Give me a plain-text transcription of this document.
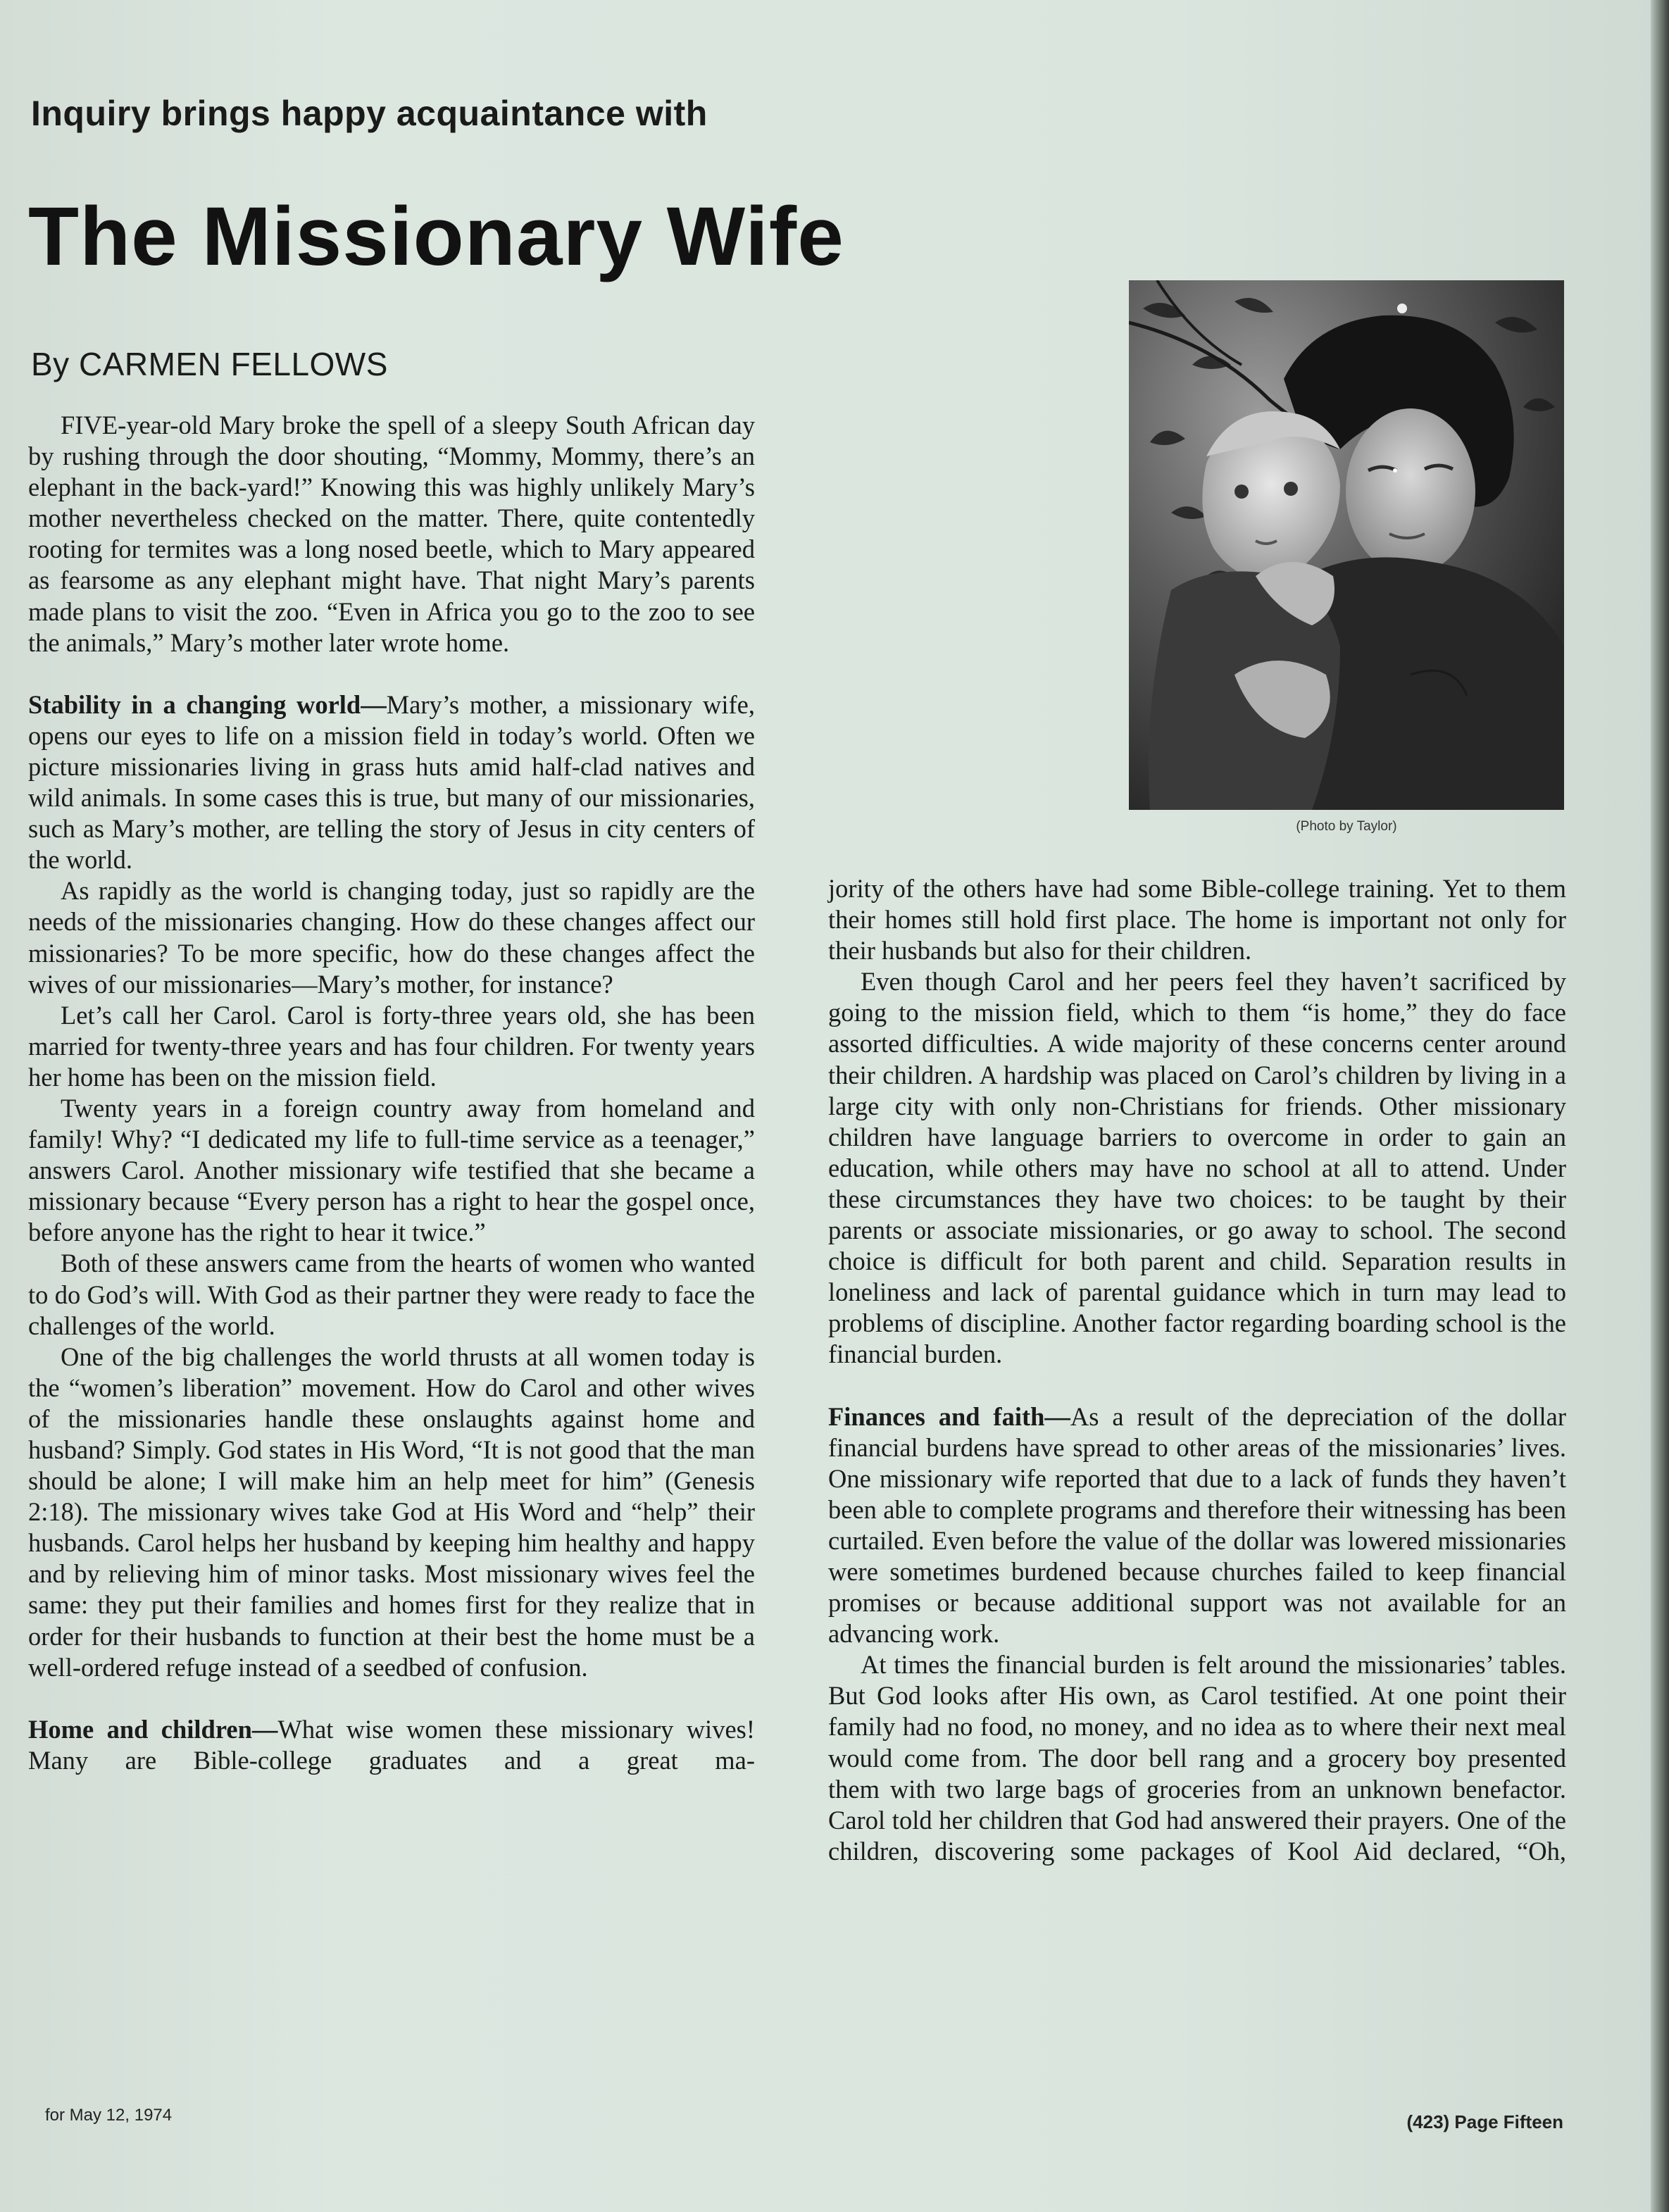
Inquiry brings happy acquaintance with
The Missionary Wife
By CARMEN FELLOWS
(Photo by Taylor)

FIVE-year-old Mary broke the spell of a sleepy South African day by rushing through the door shouting, “Mommy, Mommy, there’s an elephant in the back-yard!” Knowing this was highly unlikely Mary’s mother nevertheless checked on the matter. There, quite contentedly rooting for termites was a long nosed beetle, which to Mary appeared as fearsome as any elephant might have. That night Mary’s parents made plans to visit the zoo. “Even in Africa you go to the zoo to see the animals,” Mary’s mother later wrote home.

Stability in a changing world—Mary’s mother, a missionary wife, opens our eyes to life on a mission field in today’s world. Often we picture missionaries living in grass huts amid half-clad natives and wild animals. In some cases this is true, but many of our missionaries, such as Mary’s mother, are telling the story of Jesus in city centers of the world.

As rapidly as the world is changing today, just so rapidly are the needs of the missionaries changing. How do these changes affect our missionaries? To be more specific, how do these changes affect the wives of our missionaries—Mary’s mother, for instance?

Let’s call her Carol. Carol is forty-three years old, she has been married for twenty-three years and has four children. For twenty years her home has been on the mission field.

Twenty years in a foreign country away from homeland and family! Why? “I dedicated my life to full-time service as a teenager,” answers Carol. Another missionary wife testified that she became a missionary because “Every person has a right to hear the gospel once, before anyone has the right to hear it twice.”

Both of these answers came from the hearts of women who wanted to do God’s will. With God as their partner they were ready to face the challenges of the world.

One of the big challenges the world thrusts at all women today is the “women’s liberation” movement. How do Carol and other wives of the missionaries handle these onslaughts against home and husband? Simply. God states in His Word, “It is not good that the man should be alone; I will make him an help meet for him” (Genesis 2:18). The missionary wives take God at His Word and “help” their husbands. Carol helps her husband by keeping him healthy and happy and by relieving him of minor tasks. Most missionary wives feel the same: they put their families and homes first for they realize that in order for their husbands to function at their best the home must be a well-ordered refuge instead of a seedbed of confusion.

Home and children—What wise women these missionary wives! Many are Bible-college graduates and a great ma-

jority of the others have had some Bible-college training. Yet to them their homes still hold first place. The home is important not only for their husbands but also for their children.

Even though Carol and her peers feel they haven’t sacrificed by going to the mission field, which to them “is home,” they do face assorted difficulties. A wide majority of these concerns center around their children. A hardship was placed on Carol’s children by living in a large city with only non-Christians for friends. Other missionary children have language barriers to overcome in order to gain an education, while others may have no school at all to attend. Under these circumstances they have two choices: to be taught by their parents or associate missionaries, or go away to school. The second choice is difficult for both parent and child. Separation results in loneliness and lack of parental guidance which in turn may lead to problems of discipline. Another factor regarding boarding school is the financial burden.

Finances and faith—As a result of the depreciation of the dollar financial burdens have spread to other areas of the missionaries’ lives. One missionary wife reported that due to a lack of funds they haven’t been able to complete programs and therefore their witnessing has been curtailed. Even before the value of the dollar was lowered missionaries were sometimes burdened because churches failed to keep financial promises or because additional support was not available for an advancing work.

At times the financial burden is felt around the missionaries’ tables. But God looks after His own, as Carol testified. At one point their family had no food, no money, and no idea as to where their next meal would come from. The door bell rang and a grocery boy presented them with two large bags of groceries from an unknown benefactor. Carol told her children that God had answered their prayers. One of the children, discovering some packages of Kool Aid declared, “Oh,

for May 12, 1974	(423) Page Fifteen
